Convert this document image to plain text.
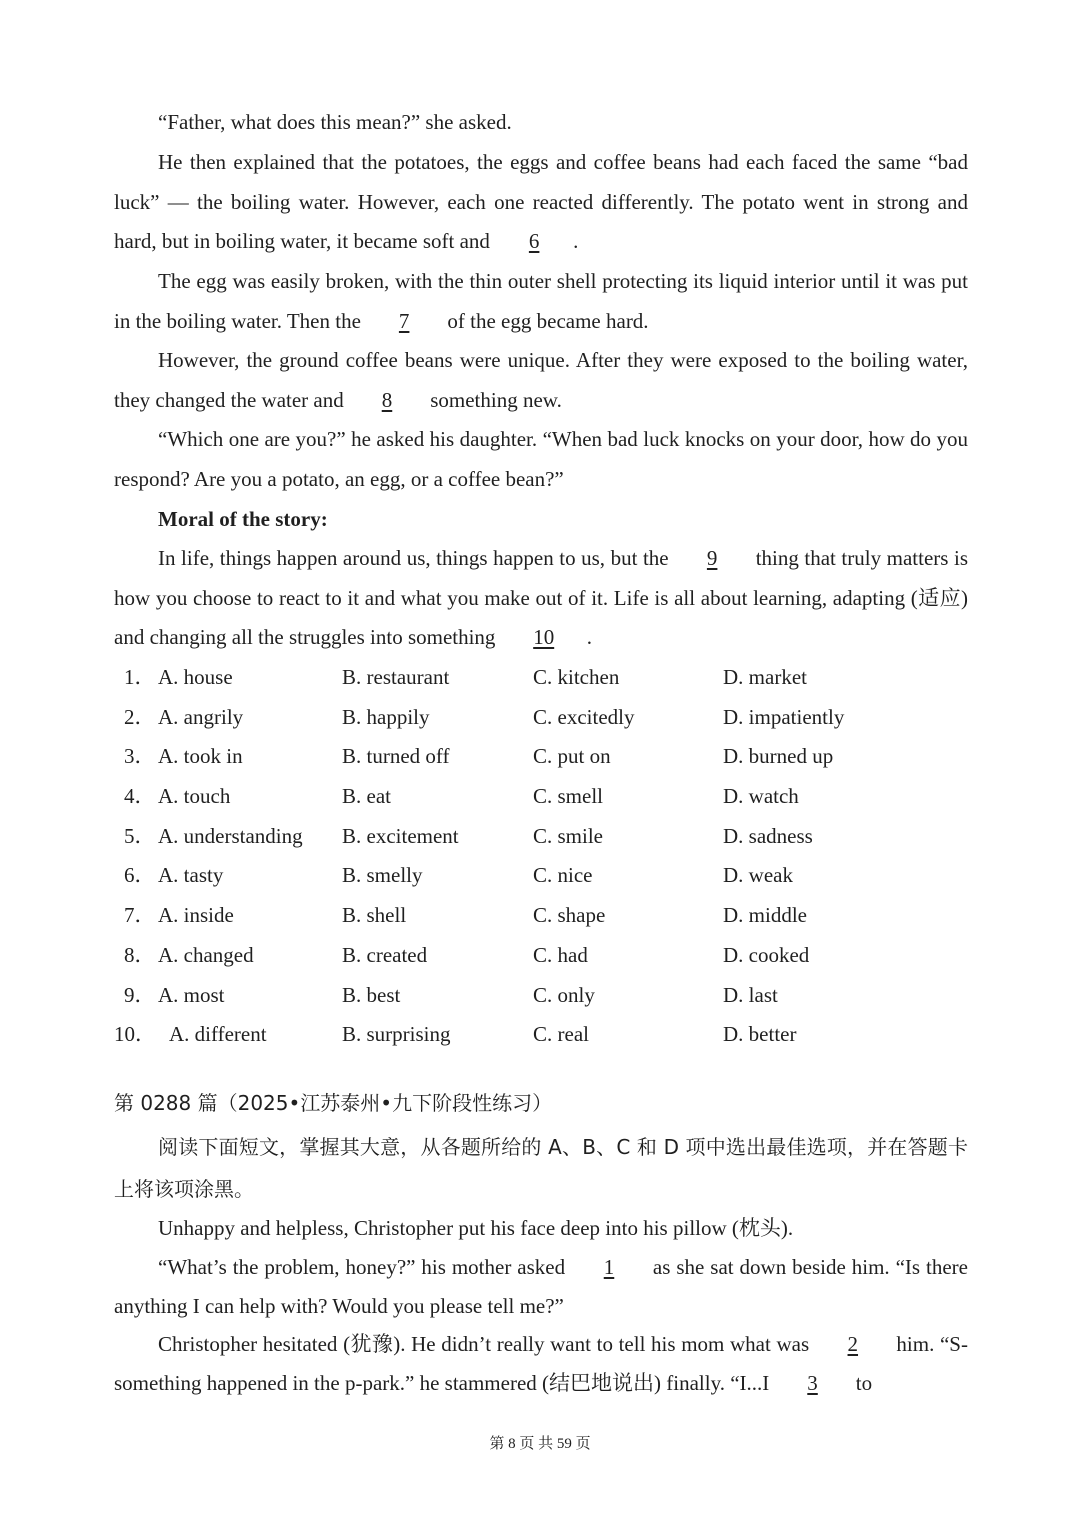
“Father, what does this mean?” she asked.

He then explained that the potatoes, the eggs and coffee beans had each faced the same “bad luck” — the boiling water. However, each one reacted differently. The potato went in strong and hard, but in boiling water, it became soft and 6 .

The egg was easily broken, with the thin outer shell protecting its liquid interior until it was put in the boiling water. Then the 7 of the egg became hard.

However, the ground coffee beans were unique. After they were exposed to the boiling water, they changed the water and 8 something new.

“Which one are you?” he asked his daughter. “When bad luck knocks on your door, how do you respond? Are you a potato, an egg, or a coffee bean?”

Moral of the story:

In life, things happen around us, things happen to us, but the 9 thing that truly matters is how you choose to react to it and what you make out of it. Life is all about learning, adapting (适应) and changing all the struggles into something 10 .

1． A. house	B. restaurant	C. kitchen	D. market
2． A. angrily	B. happily	C. excitedly	D. impatiently
3． A. took in	B. turned off	C. put on	D. burned up
4． A. touch	B. eat	C. smell	D. watch
5． A. understanding B. excitement	C. smile	D. sadness
6． A. tasty	B. smelly	C. nice	D. weak
7． A. inside	B. shell	C. shape	D. middle
8． A. changed	B. created	C. had	D. cooked
9． A. most	B. best	C. only	D. last
10． A. different	B. surprising	C. real	D. better
第 0288 篇（2025•江苏泰州•九下阶段性练习）

阅读下面短文，掌握其大意，从各题所给的 A、B、C 和 D 项中选出最佳选项，并在答题卡上将该项涂黑。

Unhappy and helpless, Christopher put his face deep into his pillow (枕头).

“What’s the problem, honey?” his mother asked 1 as she sat down beside him. “Is there anything I can help with? Would you please tell me?”

Christopher hesitated (犹豫). He didn’t really want to tell his mom what was 2 him. “S-something happened in the p-park.” he stammered (结巴地说出) finally. “I...I 3 to

第 8 页 共 59 页
